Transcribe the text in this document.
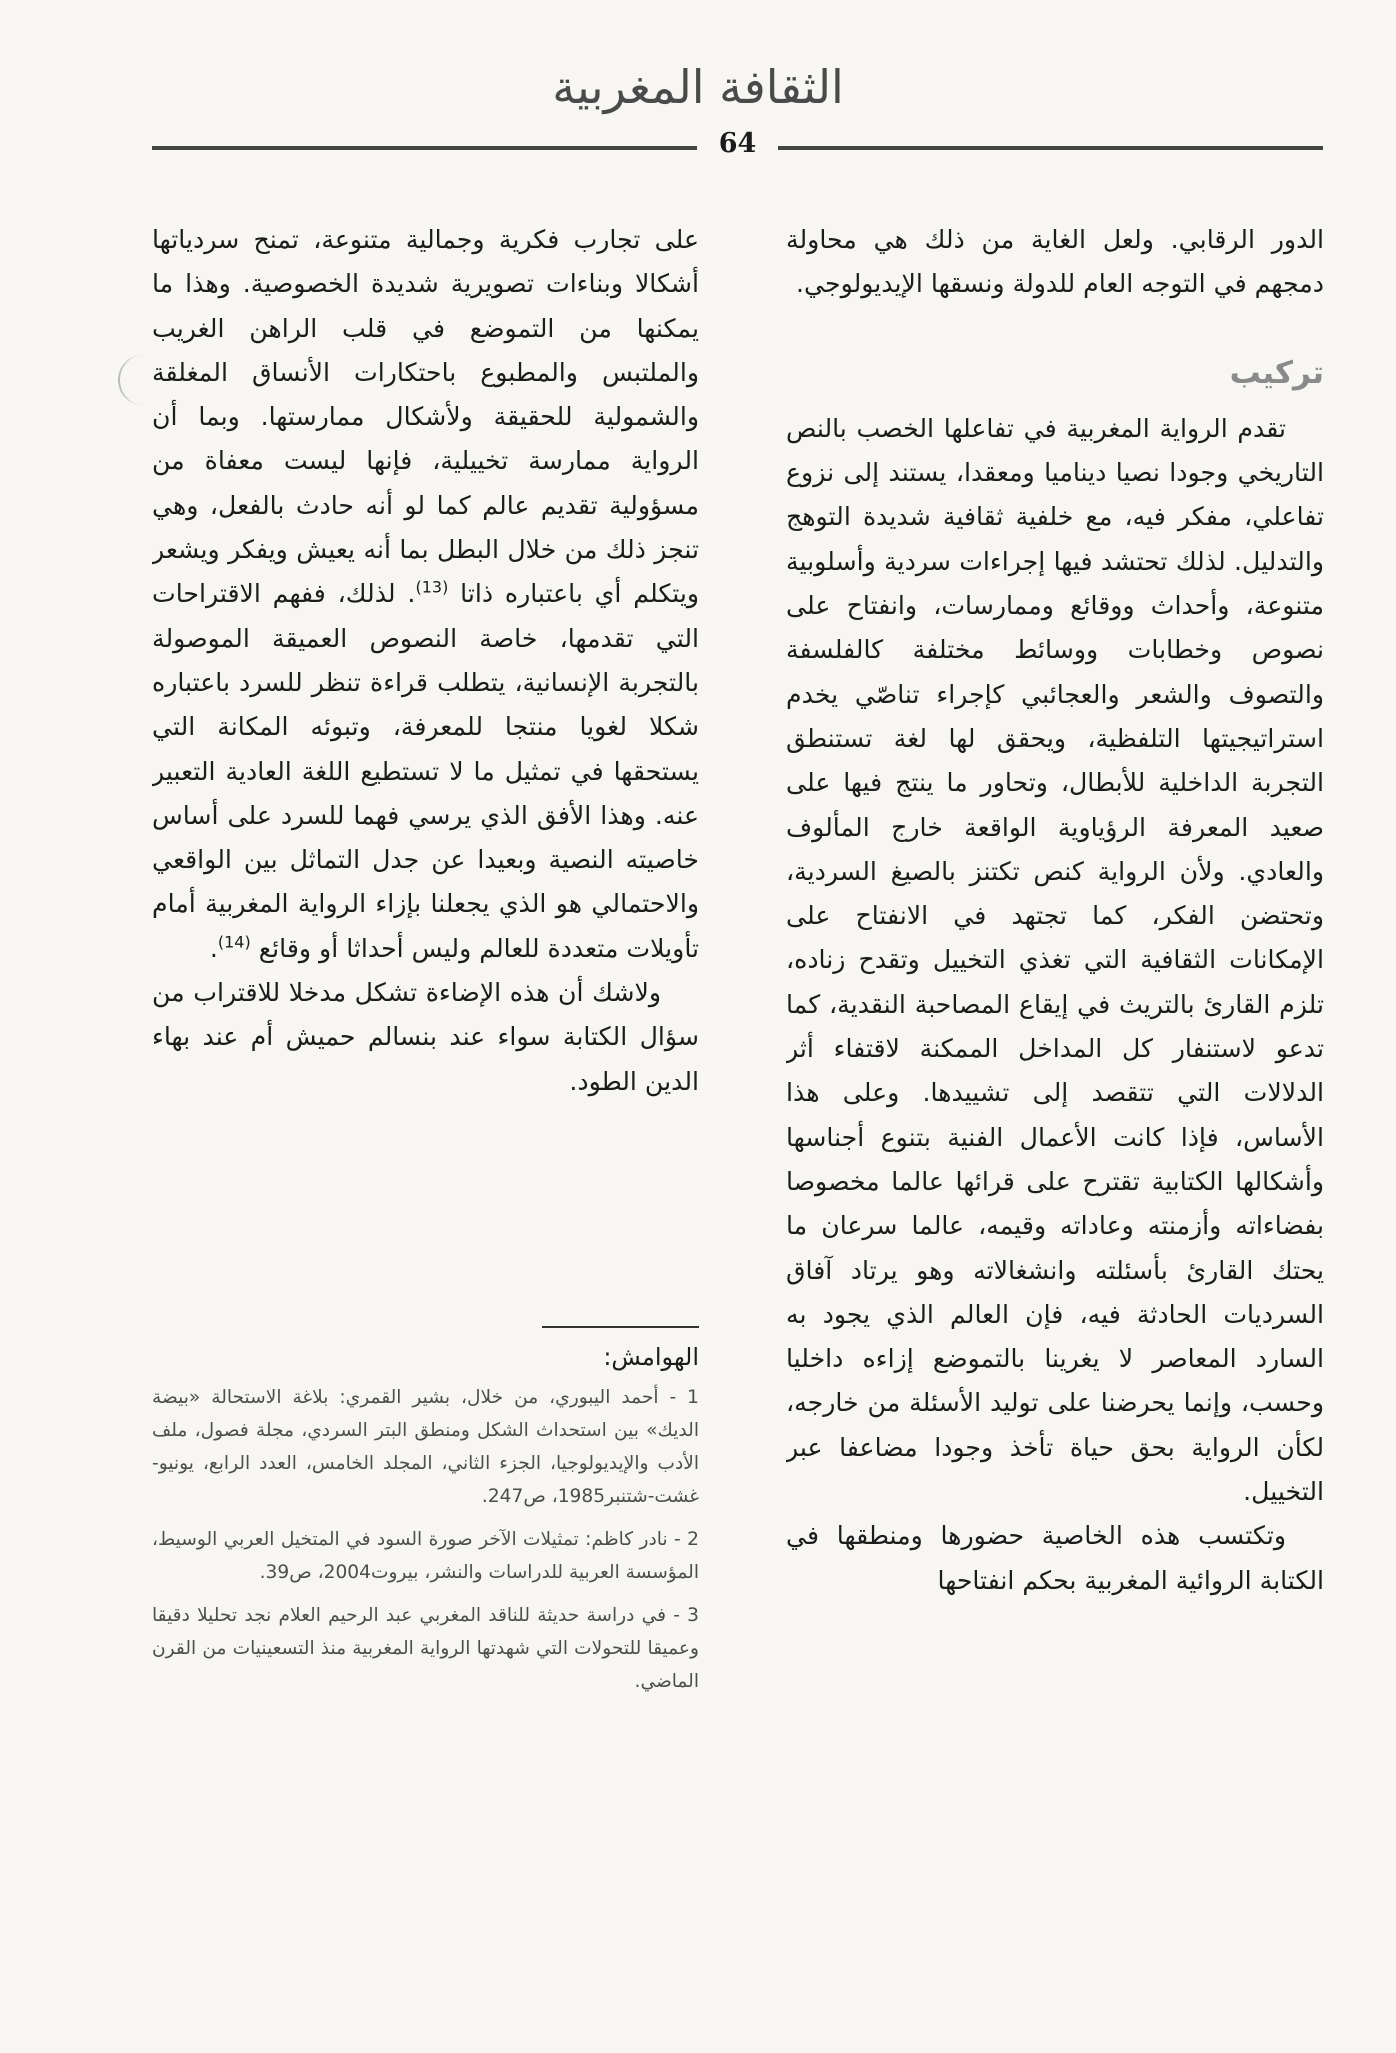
الثقافة المغربية
64

الدور الرقابي. ولعل الغاية من ذلك هي محاولة دمجهم في التوجه العام للدولة ونسقها الإيديولوجي.

تركيب

تقدم الرواية المغربية في تفاعلها الخصب بالنص التاريخي وجودا نصيا ديناميا ومعقدا، يستند إلى نزوع تفاعلي، مفكر فيه، مع خلفية ثقافية شديدة التوهج والتدليل. لذلك تحتشد فيها إجراءات سردية وأسلوبية متنوعة، وأحداث ووقائع وممارسات، وانفتاح على نصوص وخطابات ووسائط مختلفة كالفلسفة والتصوف والشعر والعجائبي كإجراء تناصّي يخدم استراتيجيتها التلفظية، ويحقق لها لغة تستنطق التجربة الداخلية للأبطال، وتحاور ما ينتج فيها على صعيد المعرفة الرؤياوية الواقعة خارج المألوف والعادي. ولأن الرواية كنص تكتنز بالصيغ السردية، وتحتضن الفكر، كما تجتهد في الانفتاح على الإمكانات الثقافية التي تغذي التخييل وتقدح زناده، تلزم القارئ بالتريث في إيقاع المصاحبة النقدية، كما تدعو لاستنفار كل المداخل الممكنة لاقتفاء أثر الدلالات التي تتقصد إلى تشييدها. وعلى هذا الأساس، فإذا كانت الأعمال الفنية بتنوع أجناسها وأشكالها الكتابية تقترح على قرائها عالما مخصوصا بفضاءاته وأزمنته وعاداته وقيمه، عالما سرعان ما يحتك القارئ بأسئلته وانشغالاته وهو يرتاد آفاق السرديات الحادثة فيه، فإن العالم الذي يجود به السارد المعاصر لا يغرينا بالتموضع إزاءه داخليا وحسب، وإنما يحرضنا على توليد الأسئلة من خارجه، لكأن الرواية بحق حياة تأخذ وجودا مضاعفا عبر التخييل.

وتكتسب هذه الخاصية حضورها ومنطقها في الكتابة الروائية المغربية بحكم انفتاحها

على تجارب فكرية وجمالية متنوعة، تمنح سردياتها أشكالا وبناءات تصويرية شديدة الخصوصية. وهذا ما يمكنها من التموضع في قلب الراهن الغريب والملتبس والمطبوع باحتكارات الأنساق المغلقة والشمولية للحقيقة ولأشكال ممارستها. وبما أن الرواية ممارسة تخييلية، فإنها ليست معفاة من مسؤولية تقديم عالم كما لو أنه حادث بالفعل، وهي تنجز ذلك من خلال البطل بما أنه يعيش ويفكر ويشعر ويتكلم أي باعتباره ذاتا $^{(13)}$. لذلك، ففهم الاقتراحات التي تقدمها، خاصة النصوص العميقة الموصولة بالتجربة الإنسانية، يتطلب قراءة تنظر للسرد باعتباره شكلا لغويا منتجا للمعرفة، وتبوئه المكانة التي يستحقها في تمثيل ما لا تستطيع اللغة العادية التعبير عنه. وهذا الأفق الذي يرسي فهما للسرد على أساس خاصيته النصية وبعيدا عن جدل التماثل بين الواقعي والاحتمالي هو الذي يجعلنا بإزاء الرواية المغربية أمام تأويلات متعددة للعالم وليس أحداثا أو وقائع $^{(14)}$.

ولاشك أن هذه الإضاءة تشكل مدخلا للاقتراب من سؤال الكتابة سواء عند بنسالم حميش أم عند بهاء الدين الطود.

الهوامش:

1 - أحمد اليبوري، من خلال، بشير القمري: بلاغة الاستحالة «بيضة الديك» بين استحداث الشكل ومنطق البتر السردي، مجلة فصول، ملف الأدب والإيديولوجيا، الجزء الثاني، المجلد الخامس، العدد الرابع، يونيو-غشت-شتنبر1985، ص247.

2 - نادر كاظم: تمثيلات الآخر صورة السود في المتخيل العربي الوسيط، المؤسسة العربية للدراسات والنشر، بيروت2004، ص39.

3 - في دراسة حديثة للناقد المغربي عبد الرحيم العلام نجد تحليلا دقيقا وعميقا للتحولات التي شهدتها الرواية المغربية منذ التسعينيات من القرن الماضي.
